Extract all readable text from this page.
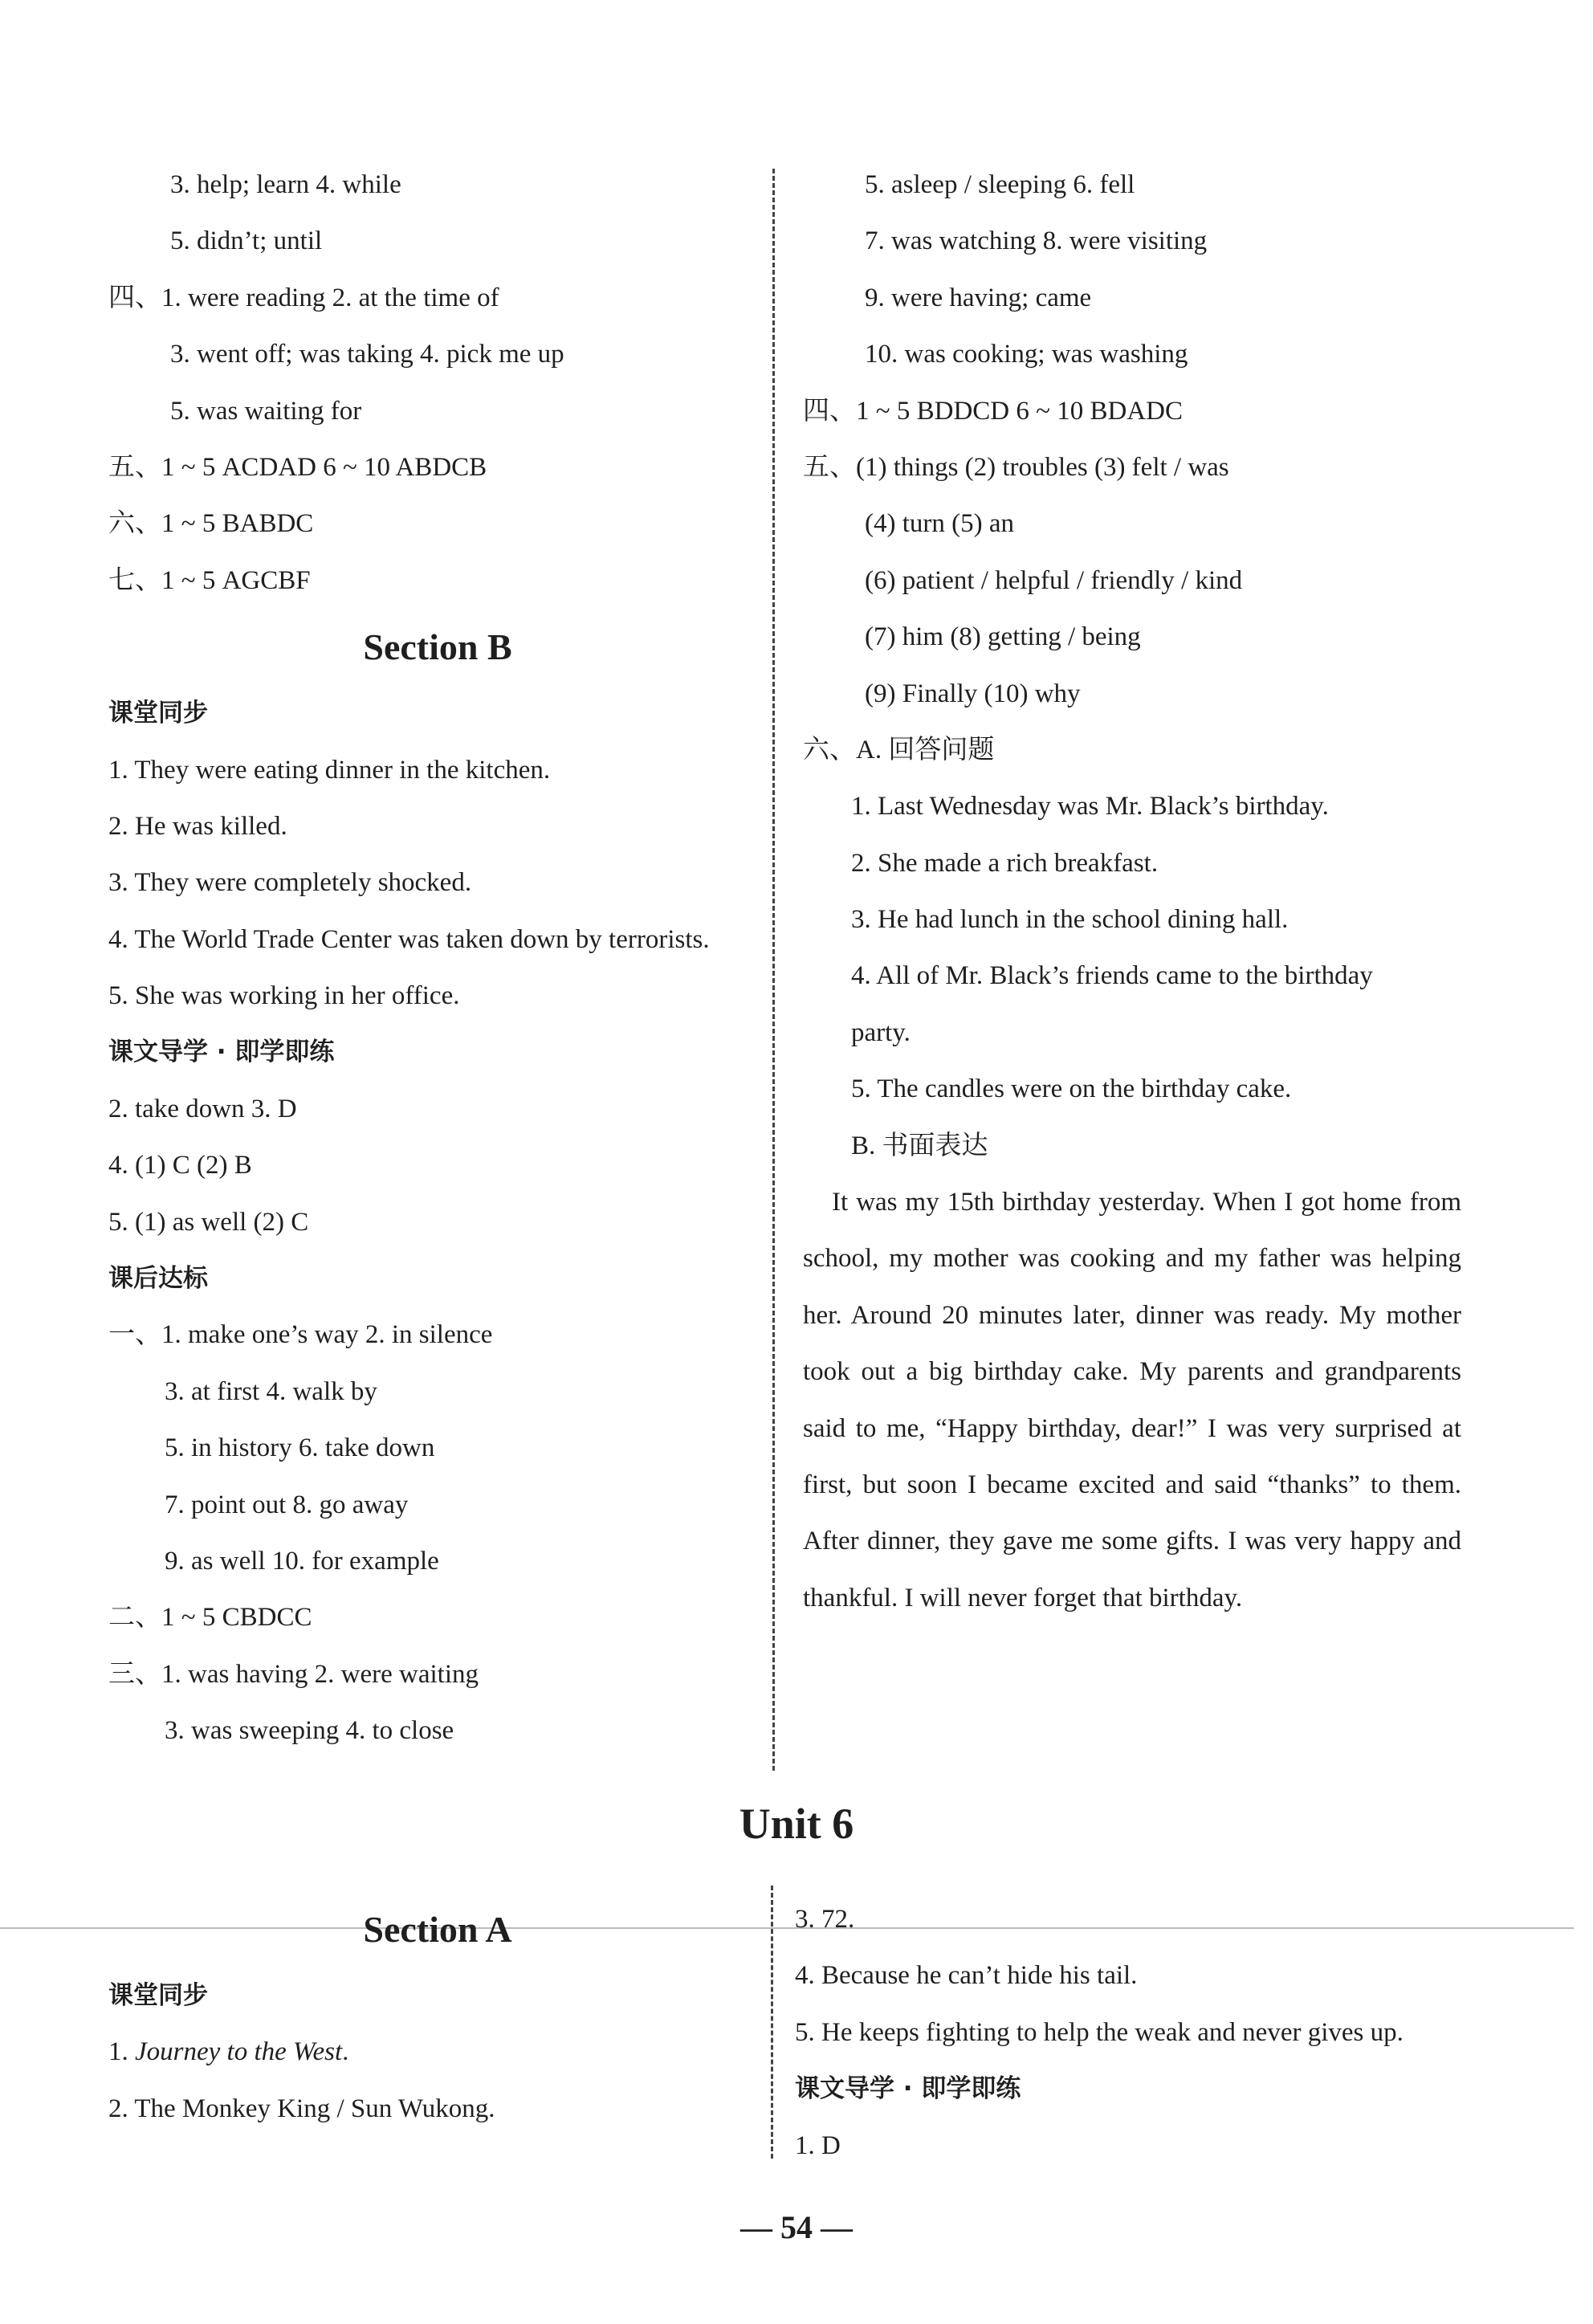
3. help; learn 4. while
5. didn’t; until
四、1. were reading 2. at the time of
3. went off; was taking 4. pick me up
5. was waiting for
五、1 ~ 5 ACDAD 6 ~ 10 ABDCB
六、1 ~ 5 BABDC
七、1 ~ 5 AGCBF
Section B
课堂同步
1. They were eating dinner in the kitchen.
2. He was killed.
3. They were completely shocked.
4. The World Trade Center was taken down by terrorists.
5. She was working in her office.
课文导学 · 即学即练
2. take down 3. D
4. (1) C (2) B
5. (1) as well (2) C
课后达标
一、1. make one’s way 2. in silence
3. at first 4. walk by
5. in history 6. take down
7. point out 8. go away
9. as well 10. for example
二、1 ~ 5 CBDCC
三、1. was having 2. were waiting
3. was sweeping 4. to close
5. asleep / sleeping 6. fell
7. was watching 8. were visiting
9. were having; came
10. was cooking; was washing
四、1 ~ 5 BDDCD 6 ~ 10 BDADC
五、(1) things (2) troubles (3) felt / was
(4) turn (5) an
(6) patient / helpful / friendly / kind
(7) him (8) getting / being
(9) Finally (10) why
六、A. 回答问题
1. Last Wednesday was Mr. Black’s birthday.
2. She made a rich breakfast.
3. He had lunch in the school dining hall.
4. All of Mr. Black’s friends came to the birthday
party.
5. The candles were on the birthday cake.
B. 书面表达
It was my 15th birthday yesterday. When I got home from school, my mother was cooking and my father was helping her. Around 20 minutes later, dinner was ready. My mother took out a big birthday cake. My parents and grandparents said to me, “Happy birthday, dear!” I was very surprised at first, but soon I became excited and said “thanks” to them. After dinner, they gave me some gifts. I was very happy and thankful. I will never forget that birthday.
Unit 6
Section A
课堂同步
1. Journey to the West.
2. The Monkey King / Sun Wukong.
3. 72.
4. Because he can’t hide his tail.
5. He keeps fighting to help the weak and never gives up.
课文导学 · 即学即练
1. D
— 54 —
